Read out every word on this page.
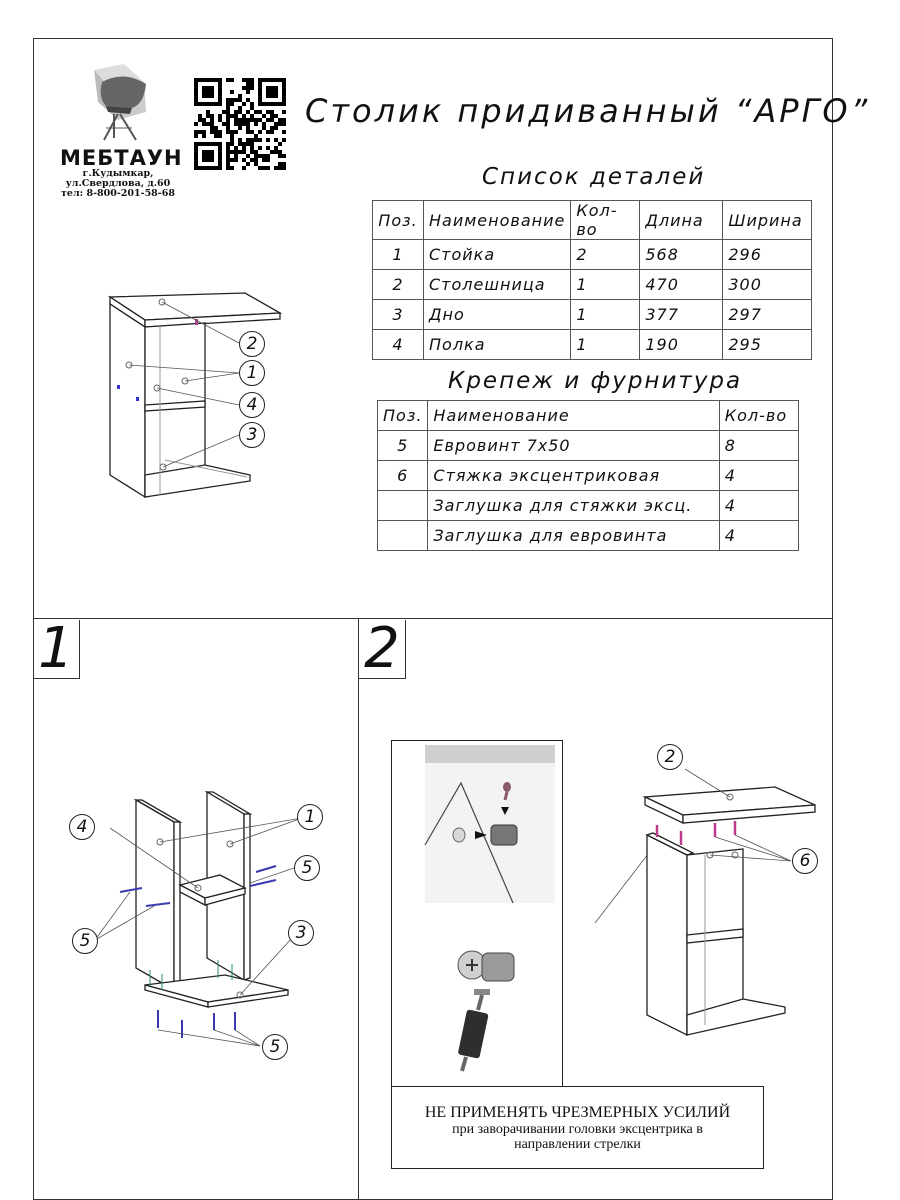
МЕБТАУН
г.Кудымкар,
ул.Свердлова, д.60
тел: 8-800-201-58-68
Столик придиванный “АРГО”
Список деталей
Поз.	Наименование	Кол-во	Длина	Ширина
1	Стойка	2	568	296
2	Столешница	1	470	300
3	Дно	1	377	297
4	Полка	1	190	295
Крепеж и фурнитура
Поз.	Наименование	Кол-во
5	Евровинт 7х50	8
6	Стяжка эксцентриковая	4
	Заглушка для стяжки эксц.	4
	Заглушка для евровинта	4
2
1
4
3
1
4	1
5
5	3
5
2
2
6
НЕ ПРИМЕНЯТЬ ЧРЕЗМЕРНЫХ УСИЛИЙ
при заворачивании головки эксцентрика в
направлении стрелки
